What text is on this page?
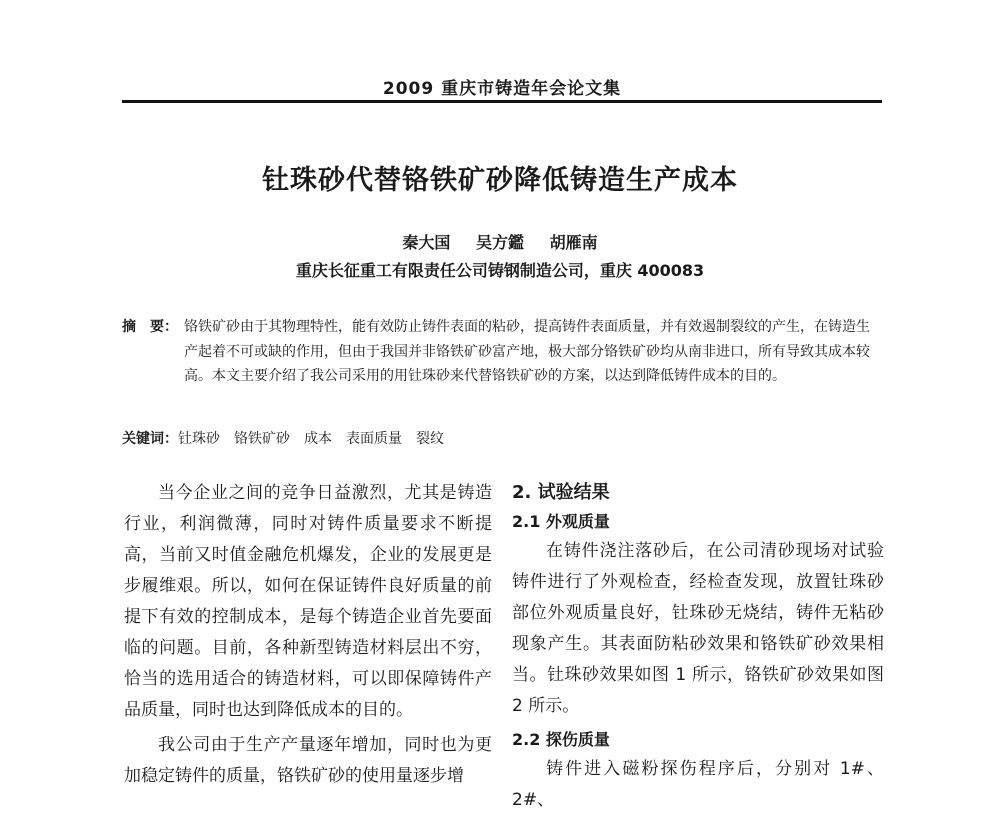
2009 重庆市铸造年会论文集
钍珠砂代替铬铁矿砂降低铸造生产成本
秦大国 吴方鑑 胡雁南
重庆长征重工有限责任公司铸钢制造公司，重庆 400083
摘　要： 铬铁矿砂由于其物理特性，能有效防止铸件表面的粘砂，提高铸件表面质量，并有效遏制裂纹的产生，在铸造生产起着不可或缺的作用，但由于我国并非铬铁矿砂富产地，极大部分铬铁矿砂均从南非进口，所有导致其成本较高。本文主要介绍了我公司采用的用钍珠砂来代替铬铁矿砂的方案，以达到降低铸件成本的目的。
关键词：钍珠砂 铬铁矿砂 成本 表面质量 裂纹

当今企业之间的竞争日益激烈，尤其是铸造行业，利润微薄，同时对铸件质量要求不断提高，当前又时值金融危机爆发，企业的发展更是步履维艰。所以，如何在保证铸件良好质量的前提下有效的控制成本，是每个铸造企业首先要面临的问题。目前，各种新型铸造材料层出不穷，恰当的选用适合的铸造材料，可以即保障铸件产品质量，同时也达到降低成本的目的。

我公司由于生产产量逐年增加，同时也为更加稳定铸件的质量，铬铁矿砂的使用量逐步增

2. 试验结果
2.1 外观质量

在铸件浇注落砂后，在公司清砂现场对试验铸件进行了外观检查，经检查发现，放置钍珠砂部位外观质量良好，钍珠砂无烧结，铸件无粘砂现象产生。其表面防粘砂效果和铬铁矿砂效果相当。钍珠砂效果如图 1 所示，铬铁矿砂效果如图 2 所示。

2.2 探伤质量

铸件进入磁粉探伤程序后，分别对 1#、2#、
